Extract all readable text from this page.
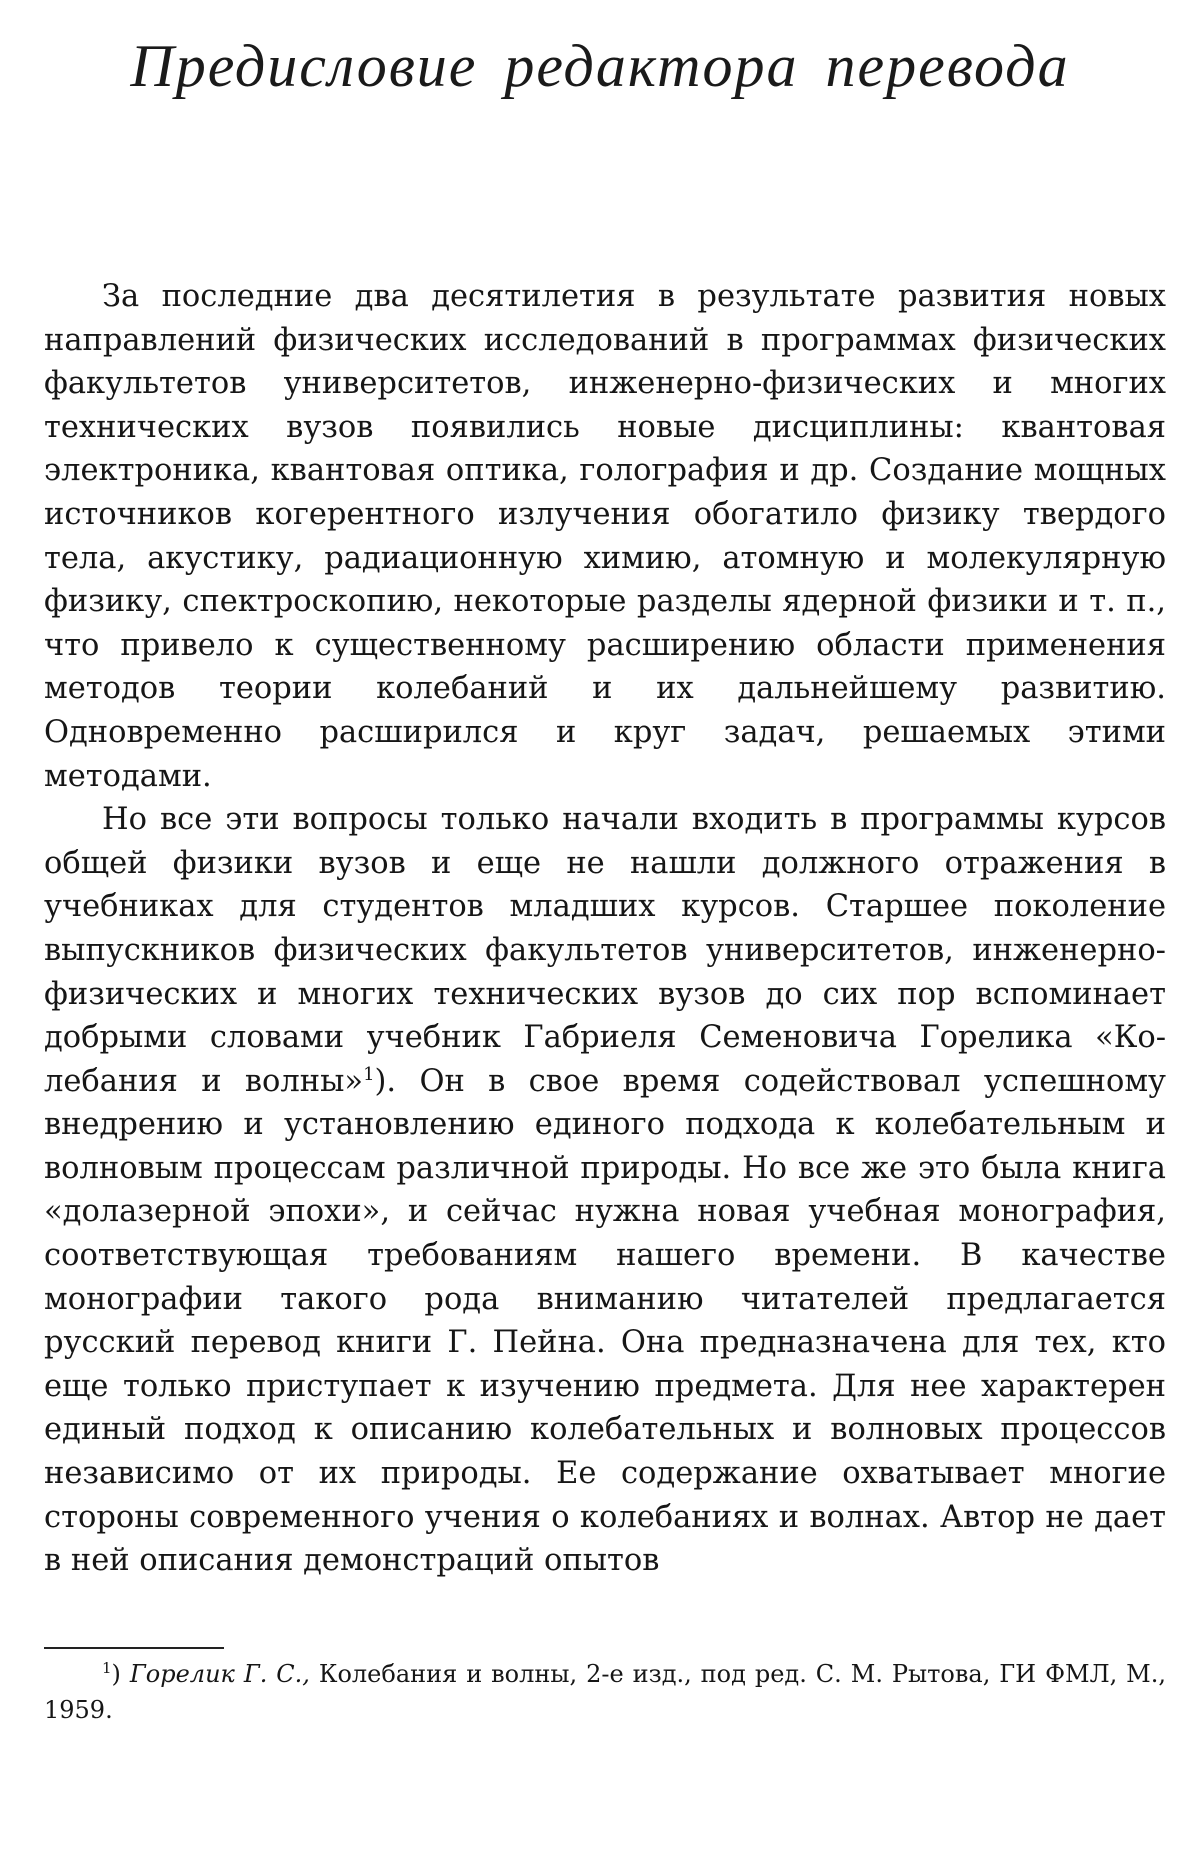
Предисловие редактора перевода

За последние два десятилетия в результате развития новых направлений физических исследований в программах физических факультетов университетов, инженерно-физических и многих технических вузов появились новые дисциплины: квантовая электроника, квантовая оптика, голография и др. Создание мощных источников когерентного излучения обогатило физику твердого тела, акустику, радиационную химию, атомную и молекулярную физику, спектроскопию, некоторые разделы ядерной физики и т. п., что привело к существенному расширению области применения методов теории колебаний и их дальнейшему развитию. Одновременно расширился и круг задач, решаемых этими методами.

Но все эти вопросы только начали входить в программы курсов общей физики вузов и еще не нашли должного отражения в учебниках для студентов младших курсов. Старшее поколение выпускников физических факультетов университетов, инженерно-физических и многих технических вузов до сих пор вспоминает добрыми словами учебник Габриеля Семеновича Горелика «Колебания и волны»$^1$). Он в свое время содействовал успешному внедрению и установлению единого подхода к колебательным и волновым процессам различной природы. Но все же это была книга «долазерной эпохи», и сейчас нужна новая учебная монография, соответствующая требованиям нашего времени. В качестве монографии такого рода вниманию читателей предлагается русский перевод книги Г. Пейна. Она предназначена для тех, кто еще только приступает к изучению предмета. Для нее характерен единый подход к описанию колебательных и волновых процессов независимо от их природы. Ее содержание охватывает многие стороны современного учения о колебаниях и волнах. Автор не дает в ней описания демонстраций опытов

$^1$) Горелик Г. С., Колебания и волны, 2-е изд., под ред. С. М. Рытова, ГИ ФМЛ, М., 1959.
